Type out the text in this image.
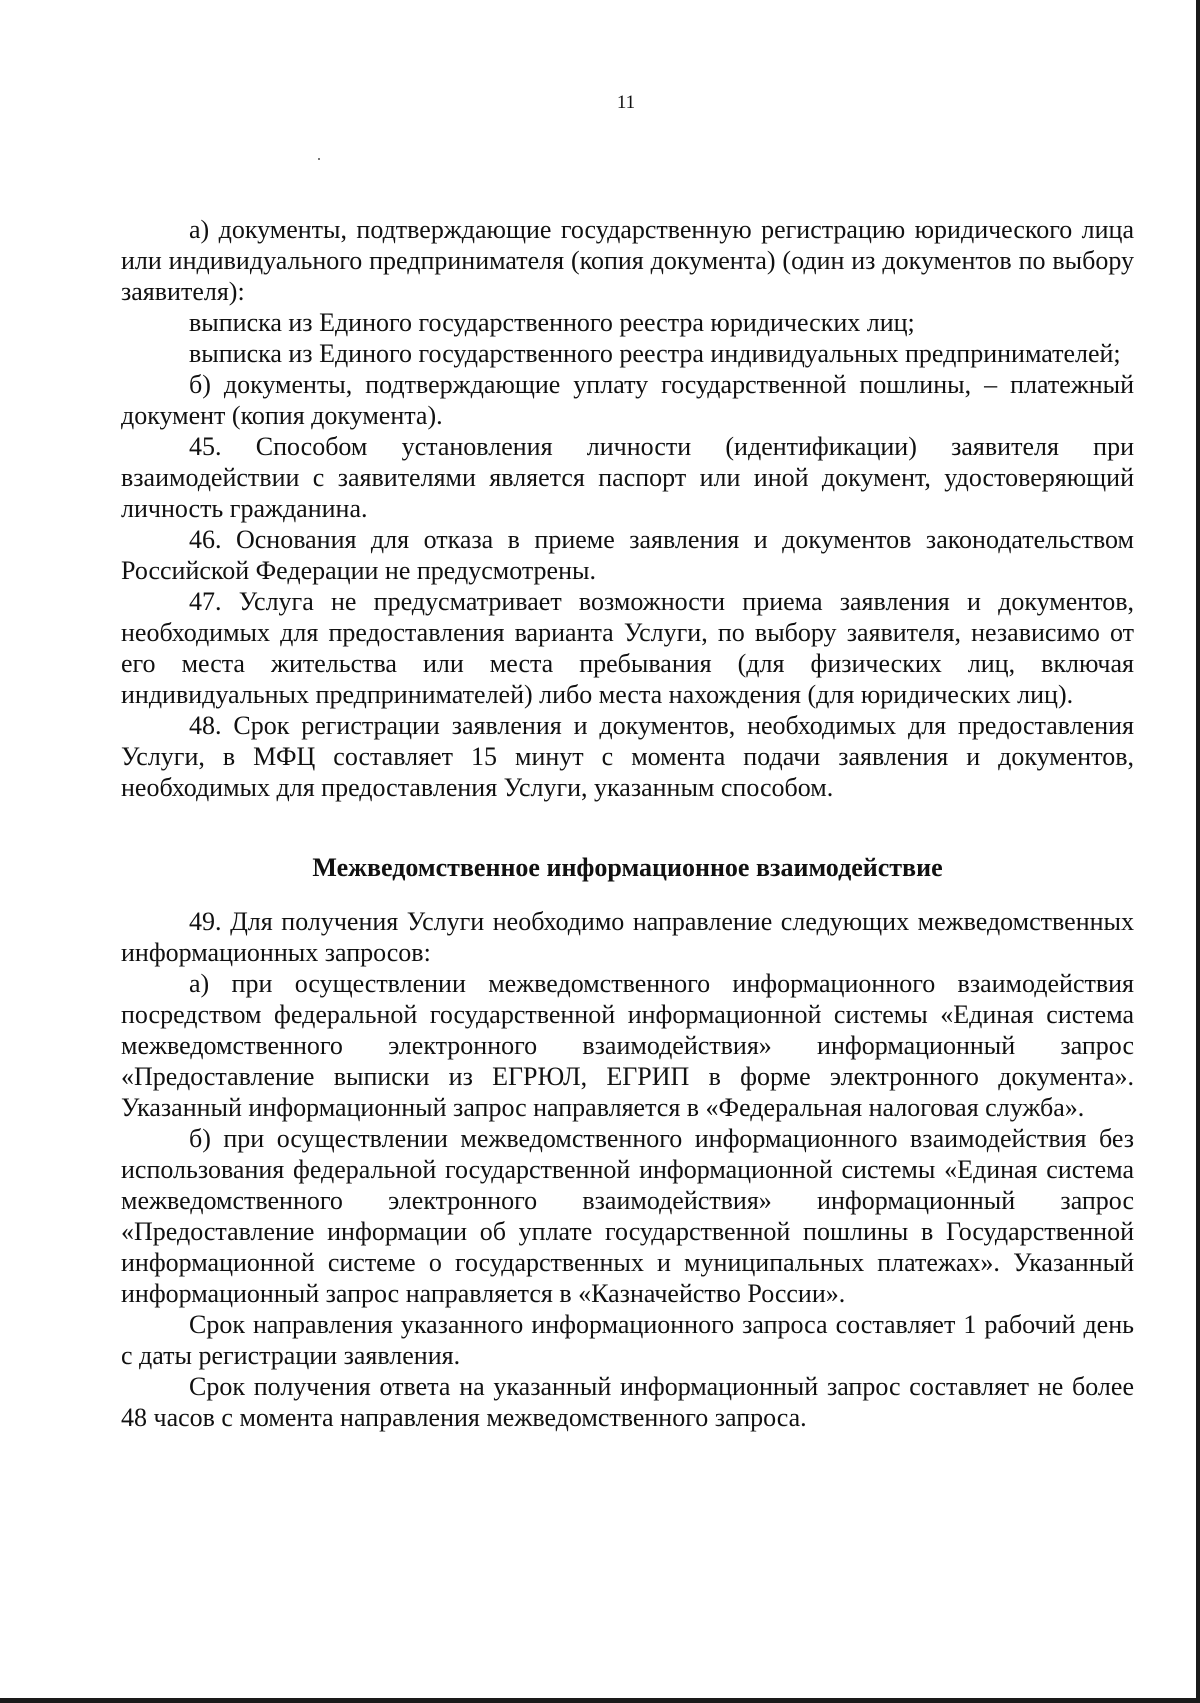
11

а) документы, подтверждающие государственную регистрацию юридического лица или индивидуального предпринимателя (копия документа) (один из документов по выбору заявителя):

выписка из Единого государственного реестра юридических лиц;

выписка из Единого государственного реестра индивидуальных предпринимателей;

б) документы, подтверждающие уплату государственной пошлины, – платежный документ (копия документа).

45. Способом установления личности (идентификации) заявителя при взаимодействии с заявителями является паспорт или иной документ, удостоверяющий личность гражданина.

46. Основания для отказа в приеме заявления и документов законодательством Российской Федерации не предусмотрены.

47. Услуга не предусматривает возможности приема заявления и документов, необходимых для предоставления варианта Услуги, по выбору заявителя, независимо от его места жительства или места пребывания (для физических лиц, включая индивидуальных предпринимателей) либо места нахождения (для юридических лиц).

48. Срок регистрации заявления и документов, необходимых для предоставления Услуги, в МФЦ составляет 15 минут с момента подачи заявления и документов, необходимых для предоставления Услуги, указанным способом.

Межведомственное информационное взаимодействие

49. Для получения Услуги необходимо направление следующих межведомственных информационных запросов:

а) при осуществлении межведомственного информационного взаимодействия посредством федеральной государственной информационной системы «Единая система межведомственного электронного взаимодействия» информационный запрос «Предоставление выписки из ЕГРЮЛ, ЕГРИП в форме электронного документа». Указанный информационный запрос направляется в «Федеральная налоговая служба».

б) при осуществлении межведомственного информационного взаимодействия без использования федеральной государственной информационной системы «Единая система межведомственного электронного взаимодействия» информационный запрос «Предоставление информации об уплате государственной пошлины в Государственной информационной системе о государственных и муниципальных платежах». Указанный информационный запрос направляется в «Казначейство России».

Срок направления указанного информационного запроса составляет 1 рабочий день с даты регистрации заявления.

Срок получения ответа на указанный информационный запрос составляет не более 48 часов с момента направления межведомственного запроса.
